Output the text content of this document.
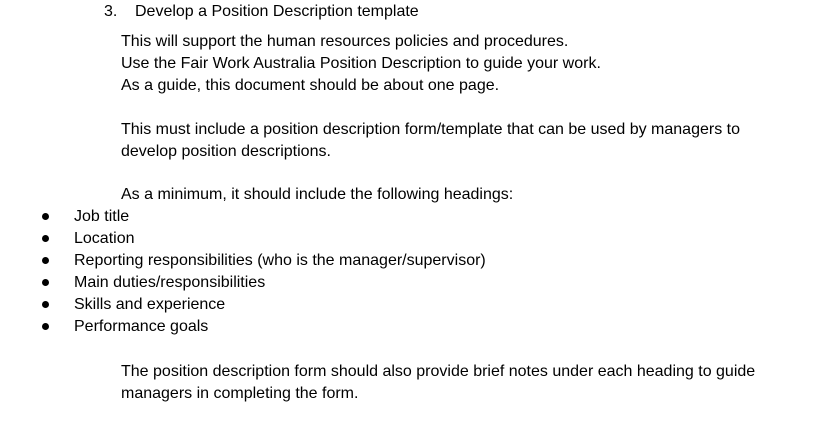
3. Develop a Position Description template
This will support the human resources policies and procedures.
Use the Fair Work Australia Position Description to guide your work.
As a guide, this document should be about one page.
This must include a position description form/template that can be used by managers to
develop position descriptions.
As a minimum, it should include the following headings:
Job title
Location
Reporting responsibilities (who is the manager/supervisor)
Main duties/responsibilities
Skills and experience
Performance goals
The position description form should also provide brief notes under each heading to guide
managers in completing the form.
